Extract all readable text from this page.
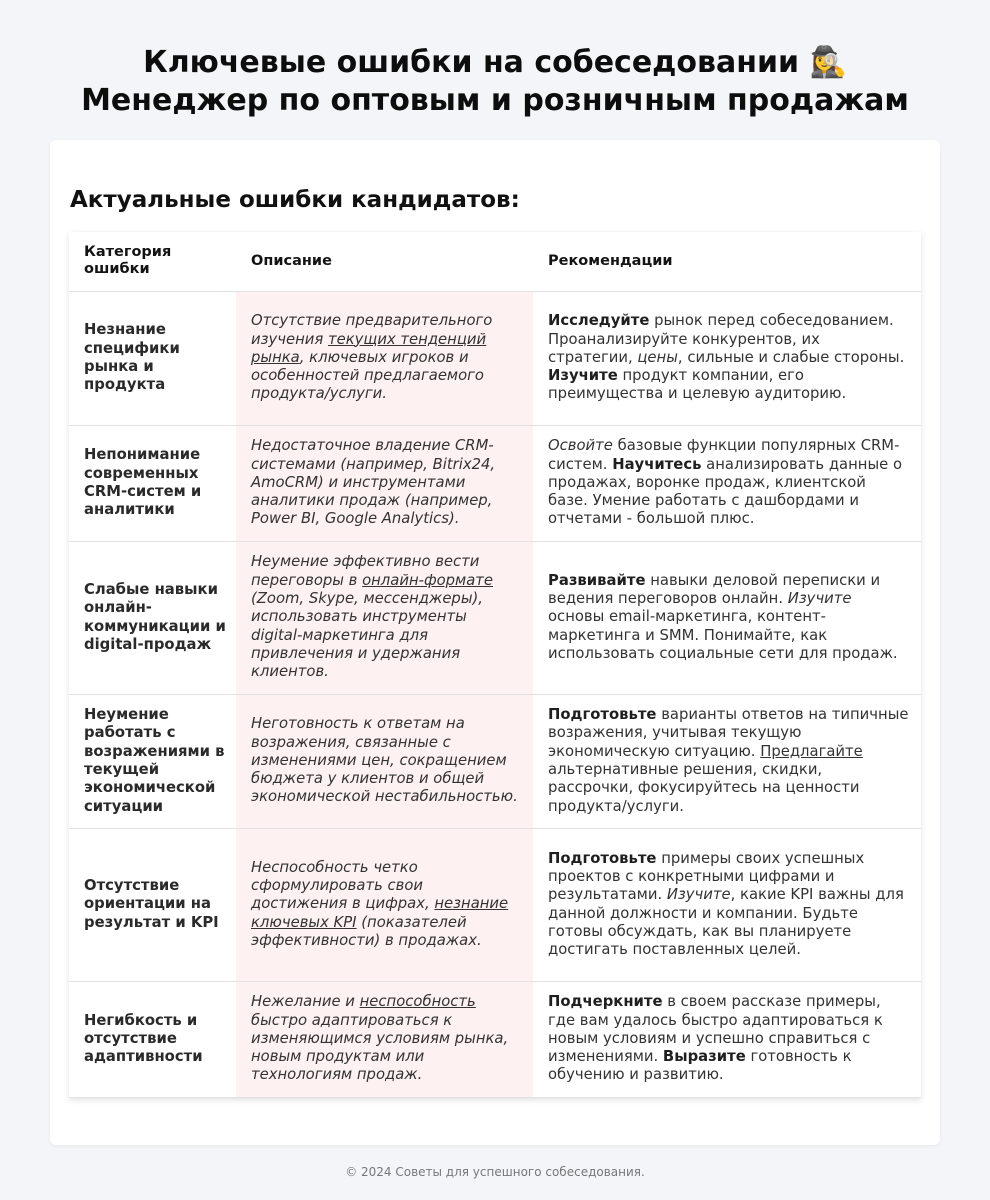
Ключевые ошибки на собеседовании 🕵️‍♀️
Менеджер по оптовым и розничным продажам
Актуальные ошибки кандидатов:
Категория ошибки	Описание	Рекомендации
Незнание специфики рынка и продукта	Отсутствие предварительного изучения текущих тенденций рынка, ключевых игроков и особенностей предлагаемого продукта/услуги.	Исследуйте рынок перед собеседованием. Проанализируйте конкурентов, их стратегии, цены, сильные и слабые стороны. Изучите продукт компании, его преимущества и целевую аудиторию.
Непонимание современных CRM-систем и аналитики	Недостаточное владение CRM-системами (например, Bitrix24, AmoCRM) и инструментами аналитики продаж (например, Power BI, Google Analytics).	Освойте базовые функции популярных CRM-систем. Научитесь анализировать данные о продажах, воронке продаж, клиентской базе. Умение работать с дашбордами и отчетами - большой плюс.
Слабые навыки онлайн-коммуникации и digital-продаж	Неумение эффективно вести переговоры в онлайн-формате (Zoom, Skype, мессенджеры), использовать инструменты digital-маркетинга для привлечения и удержания клиентов.	Развивайте навыки деловой переписки и ведения переговоров онлайн. Изучите основы email-маркетинга, контент-маркетинга и SMM. Понимайте, как использовать социальные сети для продаж.
Неумение работать с возражениями в текущей экономической ситуации	Неготовность к ответам на возражения, связанные с изменениями цен, сокращением бюджета у клиентов и общей экономической нестабильностью.	Подготовьте варианты ответов на типичные возражения, учитывая текущую экономическую ситуацию. Предлагайте альтернативные решения, скидки, рассрочки, фокусируйтесь на ценности продукта/услуги.
Отсутствие ориентации на результат и KPI	Неспособность четко сформулировать свои достижения в цифрах, незнание ключевых KPI (показателей эффективности) в продажах.	Подготовьте примеры своих успешных проектов с конкретными цифрами и результатами. Изучите, какие KPI важны для данной должности и компании. Будьте готовы обсуждать, как вы планируете достигать поставленных целей.
Негибкость и отсутствие адаптивности	Нежелание и неспособность быстро адаптироваться к изменяющимся условиям рынка, новым продуктам или технологиям продаж.	Подчеркните в своем рассказе примеры, где вам удалось быстро адаптироваться к новым условиям и успешно справиться с изменениями. Выразите готовность к обучению и развитию.
© 2024 Советы для успешного собеседования.
